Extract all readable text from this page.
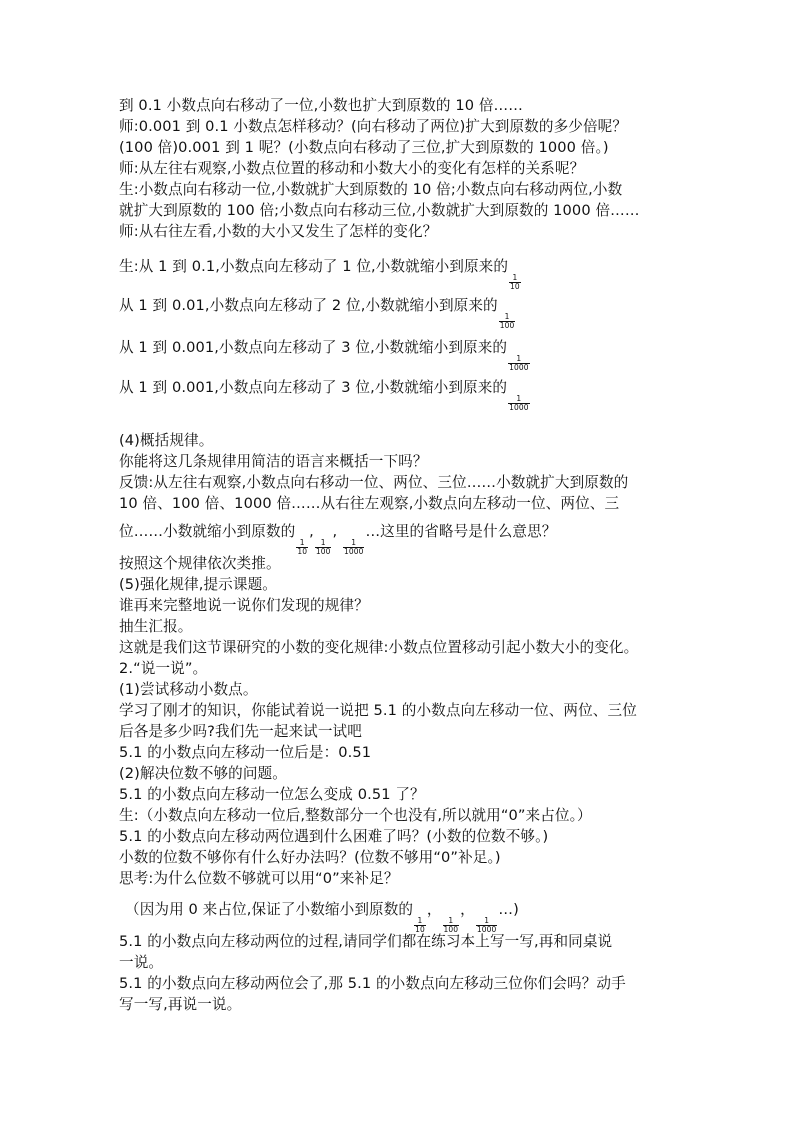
到 0.1 小数点向右移动了一位,小数也扩大到原数的 10 倍……
师:0.001 到 0.1 小数点怎样移动？(向右移动了两位)扩大到原数的多少倍呢？
(100 倍)0.001 到 1 呢？(小数点向右移动了三位,扩大到原数的 1000 倍。)
师:从左往右观察,小数点位置的移动和小数大小的变化有怎样的关系呢？
生:小数点向右移动一位,小数就扩大到原数的 10 倍;小数点向右移动两位,小数
就扩大到原数的 100 倍;小数点向右移动三位,小数就扩大到原数的 1000 倍……
师:从右往左看,小数的大小又发生了怎样的变化？
生:从 1 到 0.1,小数点向左移动了 1 位,小数就缩小到原来的
$\frac{1}{10}$
从 1 到 0.01,小数点向左移动了 2 位,小数就缩小到原来的
$\frac{1}{100}$
从 1 到 0.001,小数点向左移动了 3 位,小数就缩小到原来的
$\frac{1}{1000}$
从 1 到 0.001,小数点向左移动了 3 位,小数就缩小到原来的
$\frac{1}{1000}$
(4)概括规律。
你能将这几条规律用简洁的语言来概括一下吗？
反馈:从左往右观察,小数点向右移动一位、两位、三位……小数就扩大到原数的
10 倍、100 倍、1000 倍……从右往左观察,小数点向左移动一位、两位、三
位……小数就缩小到原数的
$\frac{1}{10}$
,
$\frac{1}{100}$
,
$\frac{1}{1000}$
…这里的省略号是什么意思？
按照这个规律依次类推。
(5)强化规律,提示课题。
谁再来完整地说一说你们发现的规律？
抽生汇报。
这就是我们这节课研究的小数的变化规律:小数点位置移动引起小数大小的变化。
2.“说一说”。
(1)尝试移动小数点。
学习了刚才的知识，你能试着说一说把 5.1 的小数点向左移动一位、两位、三位
后各是多少吗?我们先一起来试一试吧
5.1 的小数点向左移动一位后是：0.51
(2)解决位数不够的问题。
5.1 的小数点向左移动一位怎么变成 0.51 了？
生:（小数点向左移动一位后,整数部分一个也没有,所以就用“0”来占位。）
5.1 的小数点向左移动两位遇到什么困难了吗？(小数的位数不够。)
小数的位数不够你有什么好办法吗？(位数不够用“0”补足。)
思考:为什么位数不够就可以用“0”来补足？
（因为用 0 来占位,保证了小数缩小到原数的
$\frac{1}{10}$
，
$\frac{1}{100}$
，
$\frac{1}{1000}$
…)
5.1 的小数点向左移动两位的过程,请同学们都在练习本上写一写,再和同桌说
一说。
5.1 的小数点向左移动两位会了,那 5.1 的小数点向左移动三位你们会吗？动手
写一写,再说一说。
